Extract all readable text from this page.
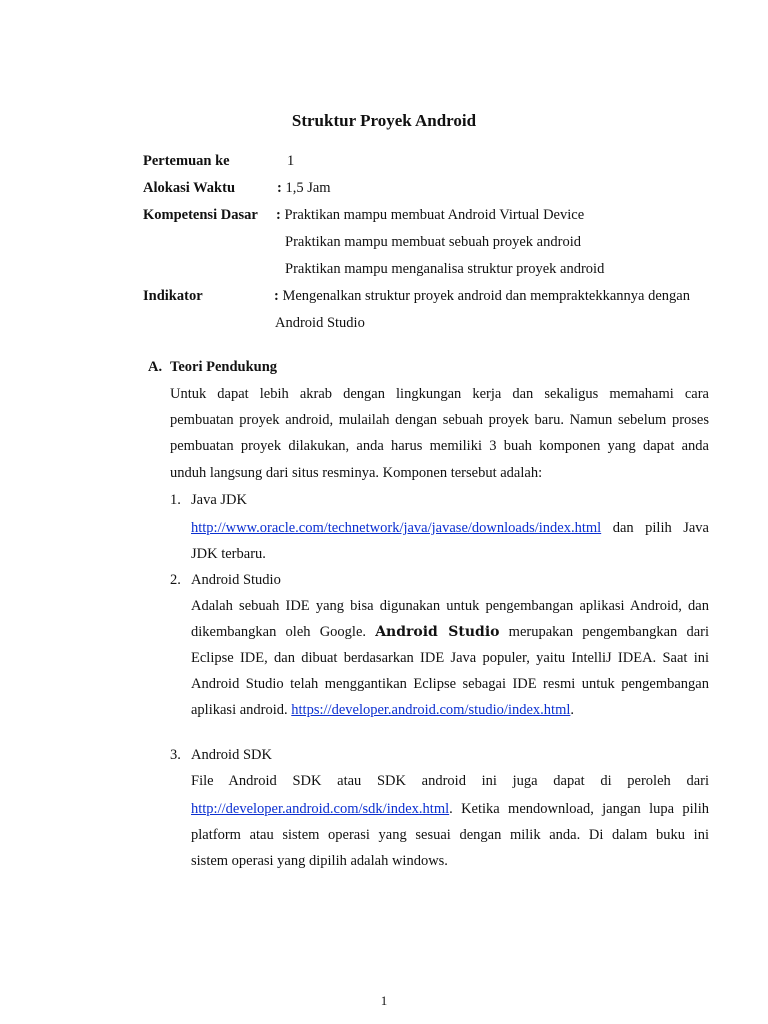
Struktur Proyek Android
Pertemuan ke	1
Alokasi Waktu	: 1,5 Jam
Kompetensi Dasar : Praktikan mampu membuat Android Virtual Device
Praktikan mampu membuat sebuah proyek android
Praktikan mampu menganalisa struktur proyek android
Indikator	: Mengenalkan struktur proyek android dan mempraktekkannya dengan
Android Studio
A. Teori Pendukung
Untuk dapat lebih akrab dengan lingkungan kerja dan sekaligus memahami cara
pembuatan proyek android, mulailah dengan sebuah proyek baru. Namun sebelum proses
pembuatan proyek dilakukan, anda harus memiliki 3 buah komponen yang dapat anda
unduh langsung dari situs resminya. Komponen tersebut adalah:
1. Java JDK
http://www.oracle.com/technetwork/java/javase/downloads/index.html dan pilih Java
JDK terbaru.
2. Android Studio
Adalah sebuah IDE yang bisa digunakan untuk pengembangan aplikasi Android, dan
dikembangkan oleh Google. Android Studio merupakan pengembangkan dari
Eclipse IDE, dan dibuat berdasarkan IDE Java populer, yaitu IntelliJ IDEA. Saat ini
Android Studio telah menggantikan Eclipse sebagai IDE resmi untuk pengembangan
aplikasi android. https://developer.android.com/studio/index.html.
3. Android SDK
File Android SDK atau SDK android ini juga dapat di peroleh dari
http://developer.android.com/sdk/index.html. Ketika mendownload, jangan lupa pilih
platform atau sistem operasi yang sesuai dengan milik anda. Di dalam buku ini
sistem operasi yang dipilih adalah windows.
1
